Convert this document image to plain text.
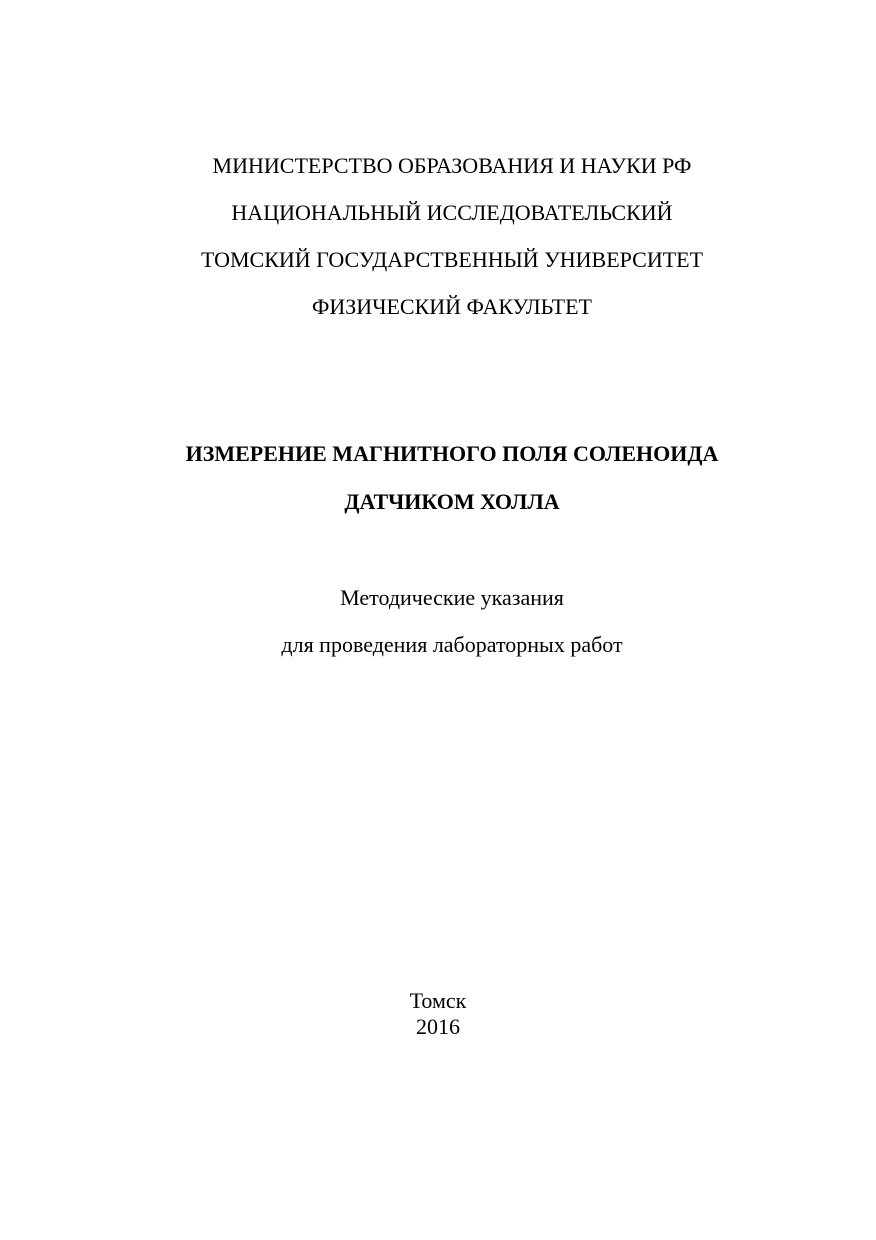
МИНИСТЕРСТВО ОБРАЗОВАНИЯ И НАУКИ РФ
НАЦИОНАЛЬНЫЙ ИССЛЕДОВАТЕЛЬСКИЙ
ТОМСКИЙ ГОСУДАРСТВЕННЫЙ УНИВЕРСИТЕТ
ФИЗИЧЕСКИЙ ФАКУЛЬТЕТ
ИЗМЕРЕНИЕ МАГНИТНОГО ПОЛЯ СОЛЕНОИДА
ДАТЧИКОМ ХОЛЛА
Методические указания
для проведения лабораторных работ
Томск
2016
